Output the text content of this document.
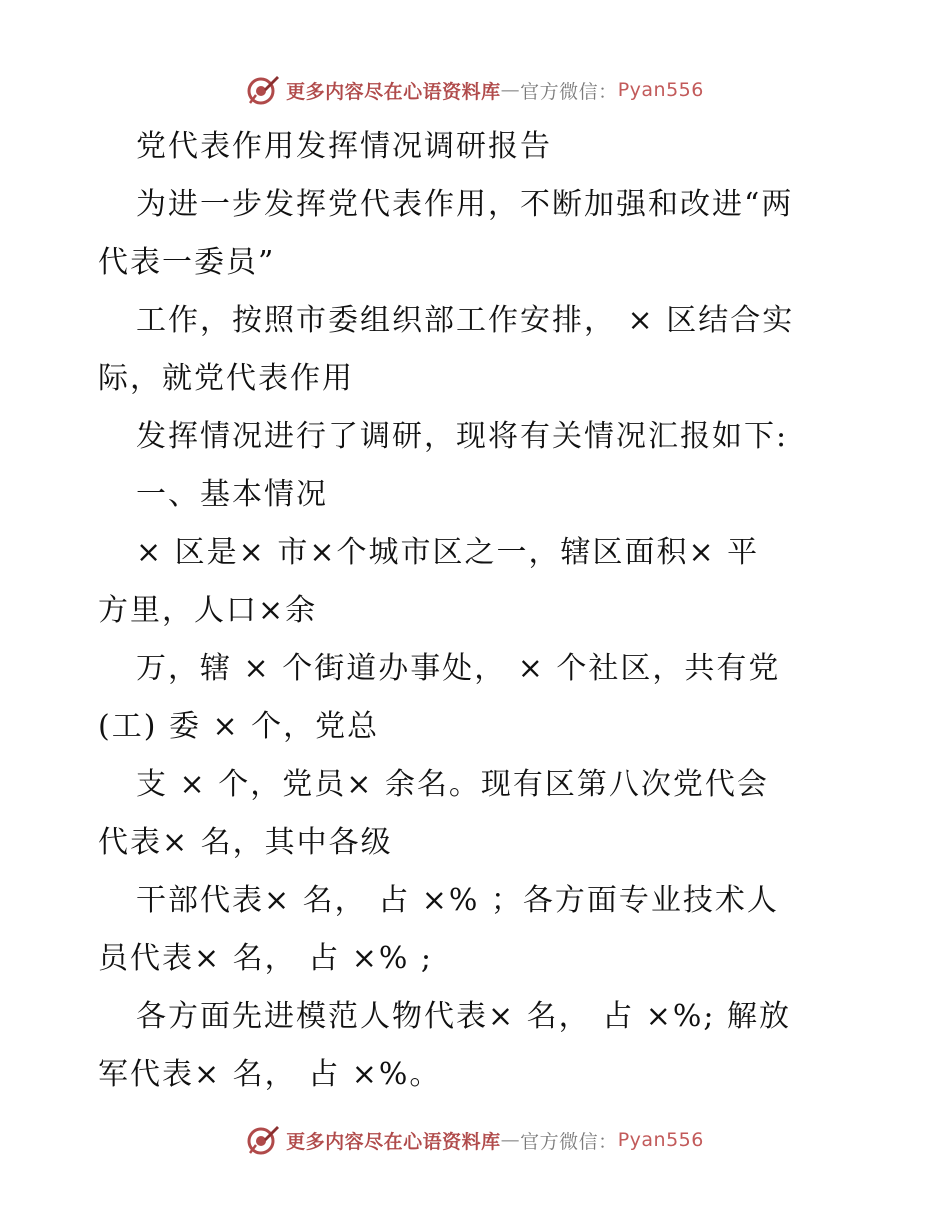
更多内容尽在心语资料库 — 官方微信： Pyan556
党代表作用发挥情况调研报告
为进一步发挥党代表作用，不断加强和改进“两
代表一委员”
工作，按照市委组织部工作安排， × 区结合实
际，就党代表作用
发挥情况进行了调研，现将有关情况汇报如下:
一、基本情况
× 区是× 市×个城市区之一，辖区面积× 平
方里，人口×余
万，辖 × 个街道办事处， × 个社区，共有党
(工) 委 × 个，党总
支 × 个，党员× 余名。现有区第八次党代会
代表× 名，其中各级
干部代表× 名， 占 ×% ；各方面专业技术人
员代表× 名， 占 ×% ;
各方面先进模范人物代表× 名， 占 ×%; 解放
军代表× 名， 占 ×%。
更多内容尽在心语资料库 — 官方微信： Pyan556
